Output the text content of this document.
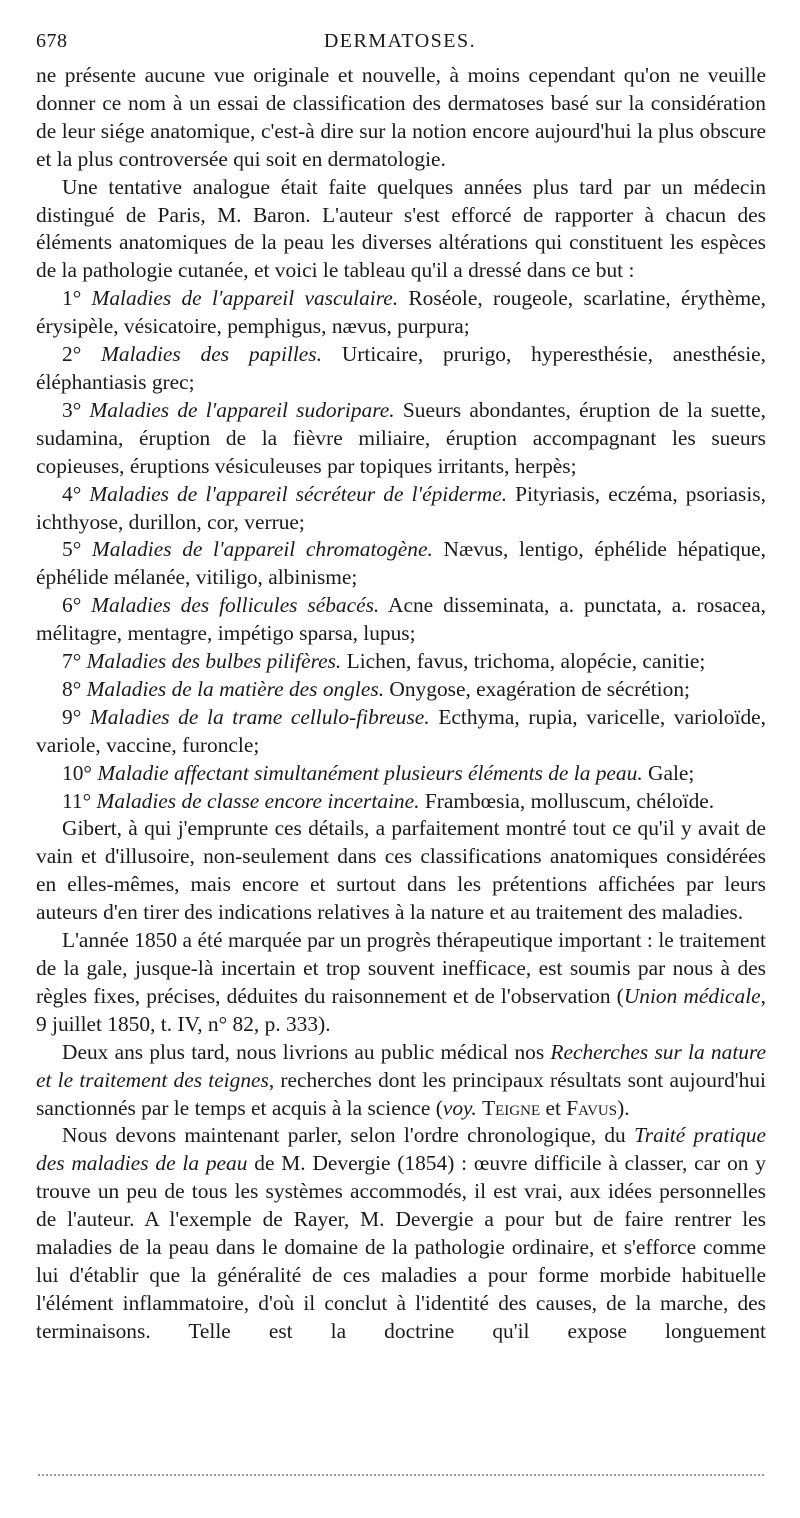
678	DERMATOSES.

ne présente aucune vue originale et nouvelle, à moins cependant qu'on ne veuille donner ce nom à un essai de classification des dermatoses basé sur la considération de leur siége anatomique, c'est-à dire sur la notion encore aujourd'hui la plus obscure et la plus controversée qui soit en dermatologie.

Une tentative analogue était faite quelques années plus tard par un médecin distingué de Paris, M. Baron. L'auteur s'est efforcé de rapporter à chacun des éléments anatomiques de la peau les diverses altérations qui constituent les espèces de la pathologie cutanée, et voici le tableau qu'il a dressé dans ce but :

1° Maladies de l'appareil vasculaire. Roséole, rougeole, scarlatine, érythème, érysipèle, vésicatoire, pemphigus, nævus, purpura;

2° Maladies des papilles. Urticaire, prurigo, hyperesthésie, anesthésie, éléphantiasis grec;

3° Maladies de l'appareil sudoripare. Sueurs abondantes, éruption de la suette, sudamina, éruption de la fièvre miliaire, éruption accompagnant les sueurs copieuses, éruptions vésiculeuses par topiques irritants, herpès;

4° Maladies de l'appareil sécréteur de l'épiderme. Pityriasis, eczéma, psoriasis, ichthyose, durillon, cor, verrue;

5° Maladies de l'appareil chromatogène. Nævus, lentigo, éphélide hépatique, éphélide mélanée, vitiligo, albinisme;

6° Maladies des follicules sébacés. Acne disseminata, a. punctata, a. rosacea, mélitagre, mentagre, impétigo sparsa, lupus;

7° Maladies des bulbes pilifères. Lichen, favus, trichoma, alopécie, canitie;

8° Maladies de la matière des ongles. Onygose, exagération de sécrétion;

9° Maladies de la trame cellulo-fibreuse. Ecthyma, rupia, varicelle, varioloïde, variole, vaccine, furoncle;

10° Maladie affectant simultanément plusieurs éléments de la peau. Gale;

11° Maladies de classe encore incertaine. Frambœsia, molluscum, chéloïde.

Gibert, à qui j'emprunte ces détails, a parfaitement montré tout ce qu'il y avait de vain et d'illusoire, non-seulement dans ces classifications anatomiques considérées en elles-mêmes, mais encore et surtout dans les prétentions affichées par leurs auteurs d'en tirer des indications relatives à la nature et au traitement des maladies.

L'année 1850 a été marquée par un progrès thérapeutique important : le traitement de la gale, jusque-là incertain et trop souvent inefficace, est soumis par nous à des règles fixes, précises, déduites du raisonnement et de l'observation (Union médicale, 9 juillet 1850, t. IV, n° 82, p. 333).

Deux ans plus tard, nous livrions au public médical nos Recherches sur la nature et le traitement des teignes, recherches dont les principaux résultats sont aujourd'hui sanctionnés par le temps et acquis à la science (voy. Teigne et Favus).

Nous devons maintenant parler, selon l'ordre chronologique, du Traité pratique des maladies de la peau de M. Devergie (1854) : œuvre difficile à classer, car on y trouve un peu de tous les systèmes accommodés, il est vrai, aux idées personnelles de l'auteur. A l'exemple de Rayer, M. Devergie a pour but de faire rentrer les maladies de la peau dans le domaine de la pathologie ordinaire, et s'efforce comme lui d'établir que la généralité de ces maladies a pour forme morbide habituelle l'élément inflammatoire, d'où il conclut à l'identité des causes, de la marche, des terminaisons. Telle est la doctrine qu'il expose longuement
